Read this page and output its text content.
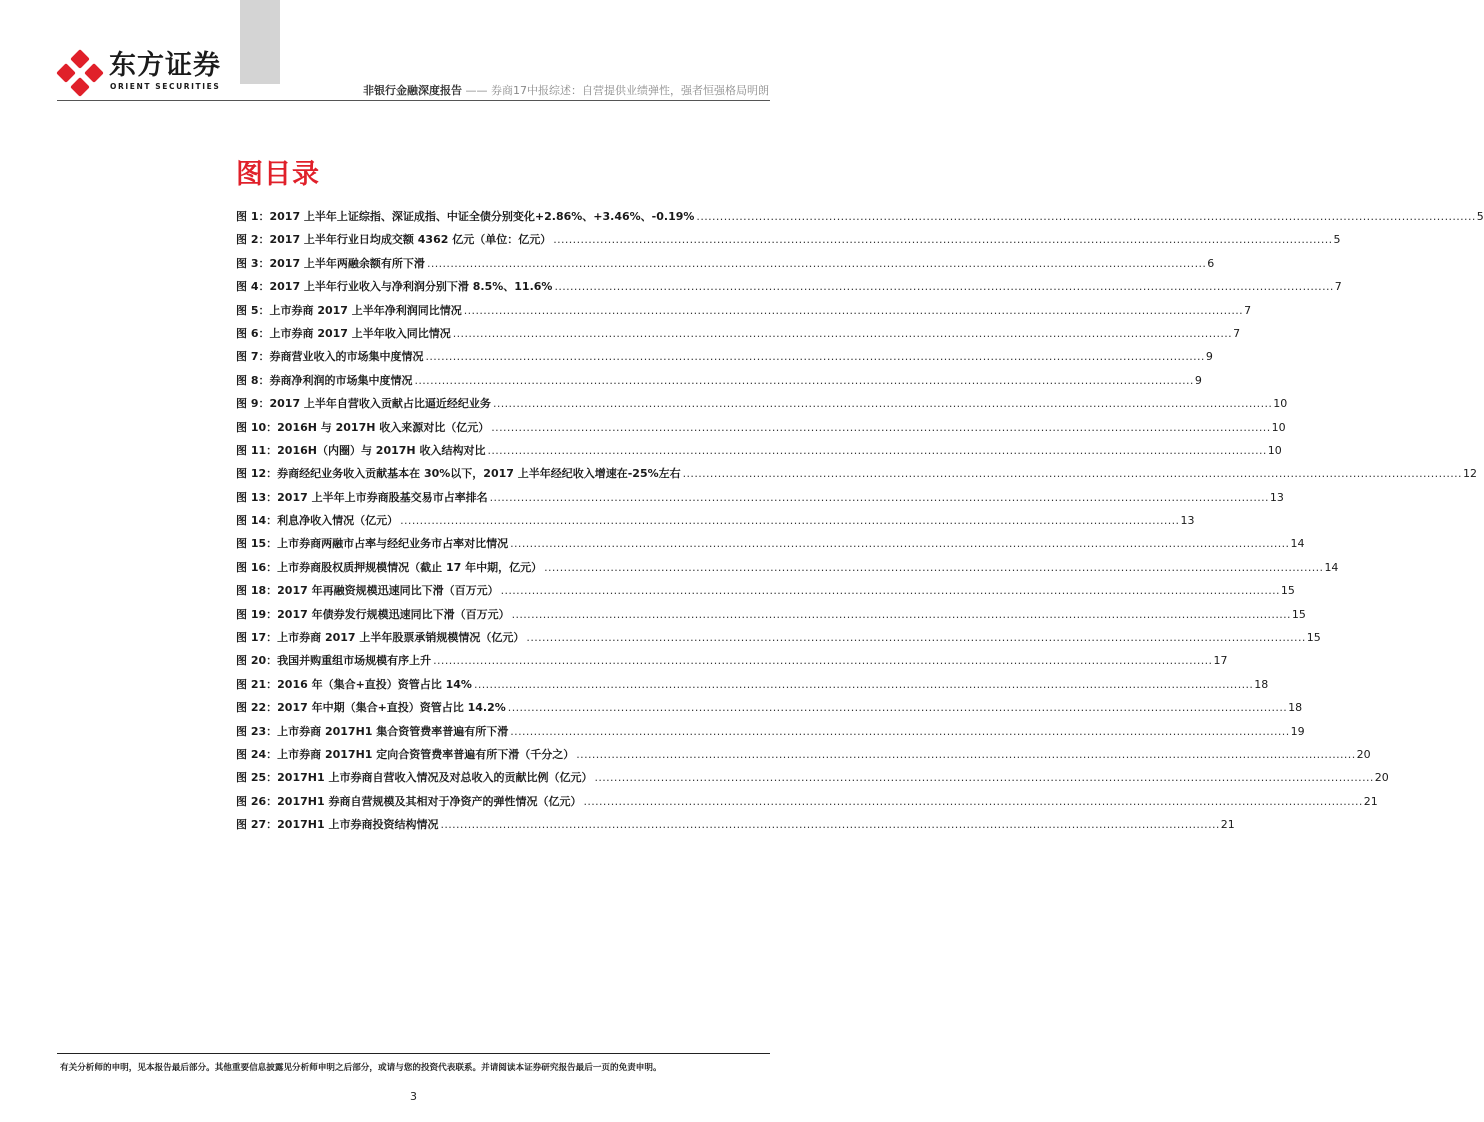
东方证券
ORIENT SECURITIES	非银行金融深度报告 —— 券商17中报综述：自营提供业绩弹性，强者恒强格局明朗
图目录
图 1：2017 上半年上证综指、深证成指、中证全债分别变化+2.86%、+3.46%、-0.19% ........................................................................................................................................................................................................ 5
图 2：2017 上半年行业日均成交额 4362 亿元（单位：亿元） ........................................................................................................................................................................................................ 5
图 3：2017 上半年两融余额有所下滑 ........................................................................................................................................................................................................ 6
图 4：2017 上半年行业收入与净利润分别下滑 8.5%、11.6% ........................................................................................................................................................................................................ 7
图 5：上市券商 2017 上半年净利润同比情况 ........................................................................................................................................................................................................ 7
图 6：上市券商 2017 上半年收入同比情况 ........................................................................................................................................................................................................ 7
图 7：券商营业收入的市场集中度情况 ........................................................................................................................................................................................................ 9
图 8：券商净利润的市场集中度情况 ........................................................................................................................................................................................................ 9
图 9：2017 上半年自营收入贡献占比逼近经纪业务 ........................................................................................................................................................................................................ 10
图 10：2016H 与 2017H 收入来源对比（亿元） ........................................................................................................................................................................................................ 10
图 11：2016H（内圈）与 2017H 收入结构对比 ........................................................................................................................................................................................................ 10
图 12：券商经纪业务收入贡献基本在 30%以下，2017 上半年经纪收入增速在-25%左右 ........................................................................................................................................................................................................ 12
图 13：2017 上半年上市券商股基交易市占率排名 ........................................................................................................................................................................................................ 13
图 14：利息净收入情况（亿元） ........................................................................................................................................................................................................ 13
图 15：上市券商两融市占率与经纪业务市占率对比情况 ........................................................................................................................................................................................................ 14
图 16：上市券商股权质押规模情况（截止 17 年中期，亿元） ........................................................................................................................................................................................................ 14
图 18：2017 年再融资规模迅速同比下滑（百万元） ........................................................................................................................................................................................................ 15
图 19：2017 年债券发行规模迅速同比下滑（百万元） ........................................................................................................................................................................................................ 15
图 17：上市券商 2017 上半年股票承销规模情况（亿元） ........................................................................................................................................................................................................ 15
图 20：我国并购重组市场规模有序上升 ........................................................................................................................................................................................................ 17
图 21：2016 年（集合+直投）资管占比 14% ........................................................................................................................................................................................................ 18
图 22：2017 年中期（集合+直投）资管占比 14.2% ........................................................................................................................................................................................................ 18
图 23：上市券商 2017H1 集合资管费率普遍有所下滑 ........................................................................................................................................................................................................ 19
图 24：上市券商 2017H1 定向合资管费率普遍有所下滑（千分之） ........................................................................................................................................................................................................ 20
图 25：2017H1 上市券商自营收入情况及对总收入的贡献比例（亿元） ........................................................................................................................................................................................................ 20
图 26：2017H1 券商自营规模及其相对于净资产的弹性情况（亿元） ........................................................................................................................................................................................................ 21
图 27：2017H1 上市券商投资结构情况 ........................................................................................................................................................................................................ 21
有关分析师的申明，见本报告最后部分。其他重要信息披露见分析师申明之后部分，或请与您的投资代表联系。并请阅读本证券研究报告最后一页的免责申明。
3
